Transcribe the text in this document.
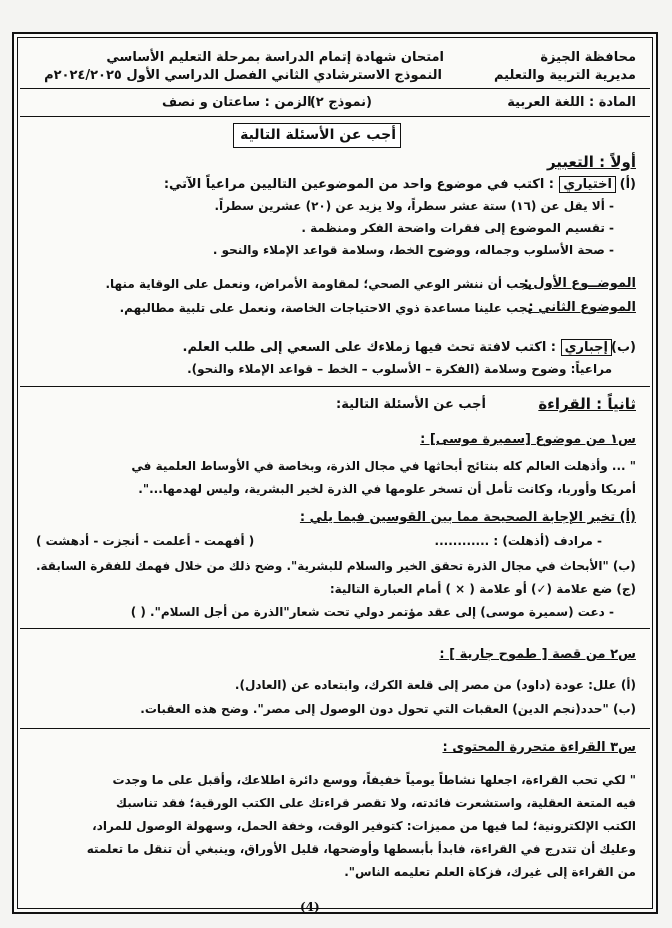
محافظة الجيزة
مديرية التربية والتعليم
امتحان شهادة إتمام الدراسة بمرحلة التعليم الأساسي
النموذج الاسترشادي الثاني الفصل الدراسي الأول ٢٠٢٤/٢٠٢٥م
المادة : اللغة العربية
(نموذج ٢)
الزمن : ساعتان و نصف
أجب عن الأسئلة التالية
أولاً : التعبير
(أ)
اختياري
: اكتب في موضوع واحد من الموضوعين التاليين مراعياً الآتي:
- ألا يقل عن (١٦) ستة عشر سطراً، ولا يزيد عن (٢٠) عشرين سطراً.
- تقسيم الموضوع إلى فقرات واضحة الفكر ومنظمة .
- صحة الأسلوب وجماله، ووضوح الخط، وسلامة قواعد الإملاء والنحو .
الموضــوع الأول :
يجب أن ننشر الوعي الصحي؛ لمقاومة الأمراض، ونعمل على الوقاية منها.
الموضوع الثاني :
يجب علينا مساعدة ذوي الاحتياجات الخاصة، ونعمل على تلبية مطالبهم.
(ب)
إجباري
: اكتب لافتة تحث فيها زملاءك على السعي إلى طلب العلم.
مراعياً: وضوح وسلامة (الفكرة – الأسلوب – الخط – قواعد الإملاء والنحو).
ثانياً : القراءة
أجب عن الأسئلة التالية:
س١ من موضوع [سميرة موسى] :
" ... وأذهلت العالم كله بنتائج أبحاثها في مجال الذرة، وبخاصة في الأوساط العلمية في
أمريكا وأوربا، وكانت تأمل أن تسخر علومها في الذرة لخير البشرية، وليس لهدمها...".
(أ) تخير الإجابة الصحيحة مما بين القوسين فيما يلي :
- مرادف (أذهلت) : ............
( أفهمت - أعلمت - أنجزت - أدهشت )
(ب) "الأبحاث في مجال الذرة تحقق الخير والسلام للبشرية". وضح ذلك من خلال فهمك للفقرة السابقة.
(ج) ضع علامة (✓) أو علامة ( × ) أمام العبارة التالية:
- دعت (سميرة موسى) إلى عقد مؤتمر دولي تحت شعار"الذرة من أجل السلام". ( )
س٢ من قصة [ طموح جارية ] :
(أ) علل: عودة (داود) من مصر إلى قلعة الكرك، وابتعاده عن (العادل).
(ب) "حدد(نجم الدين) العقبات التي تحول دون الوصول إلى مصر". وضح هذه العقبات.
س٣ القراءة متحررة المحتوى :
" لكي تحب القراءة، اجعلها نشاطاً يومياً خفيفاً، ووسع دائرة اطلاعك، وأقبل على ما وجدت
فيه المتعة العقلية، واستشعرت فائدته، ولا تقصر قراءتك على الكتب الورقية؛ فقد تناسبك
الكتب الإلكترونية؛ لما فيها من مميزات: كتوفير الوقت، وخفة الحمل، وسهولة الوصول للمراد،
وعليك أن تتدرج في القراءة، فابدأ بأبسطها وأوضحها، قليل الأوراق، وينبغي أن تنقل ما تعلمته
من القراءة إلى غيرك، فزكاة العلم تعليمه الناس".
(4)
